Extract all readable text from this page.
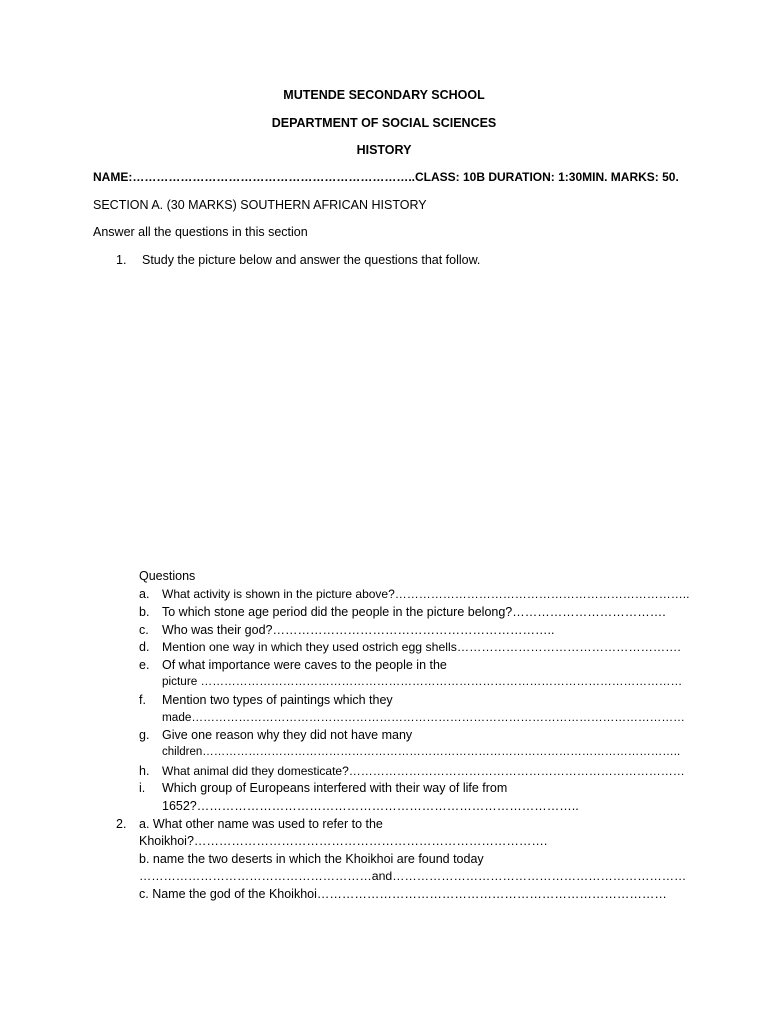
MUTENDE SECONDARY SCHOOL
DEPARTMENT OF SOCIAL SCIENCES
HISTORY
NAME:……………………………………………………………..CLASS: 10B DURATION: 1:30MIN. MARKS: 50.
SECTION A. (30 MARKS) SOUTHERN AFRICAN HISTORY
Answer all the questions in this section
1. Study the picture below and answer the questions that follow.
Questions
a. What activity is shown in the picture above?………………………………………………………………..
b. To which stone age period did the people in the picture belong?……………………………….
c. Who was their god?…………………………………………………………..
d. Mention one way in which they used ostrich egg shells……………………………………………….
e. Of what importance were caves to the people in the
picture ……………………………………………………………………………………………………………
f. Mention two types of paintings which they
made………………………………………………………………………………………………………………
g. Give one reason why they did not have many
children……………………………………………………………………………………………………………..
h. What animal did they domesticate?…………………………………………………………………………
i. Which group of Europeans interfered with their way of life from
1652?………………………………………………………………………………..
2. a. What other name was used to refer to the
Khoikhoi?………………………………………………………………………….
b. name the two deserts in which the Khoikhoi are found today
…………………………………………………and………………………………………………………………
c. Name the god of the Khoikhoi…………………………………………………………………………
